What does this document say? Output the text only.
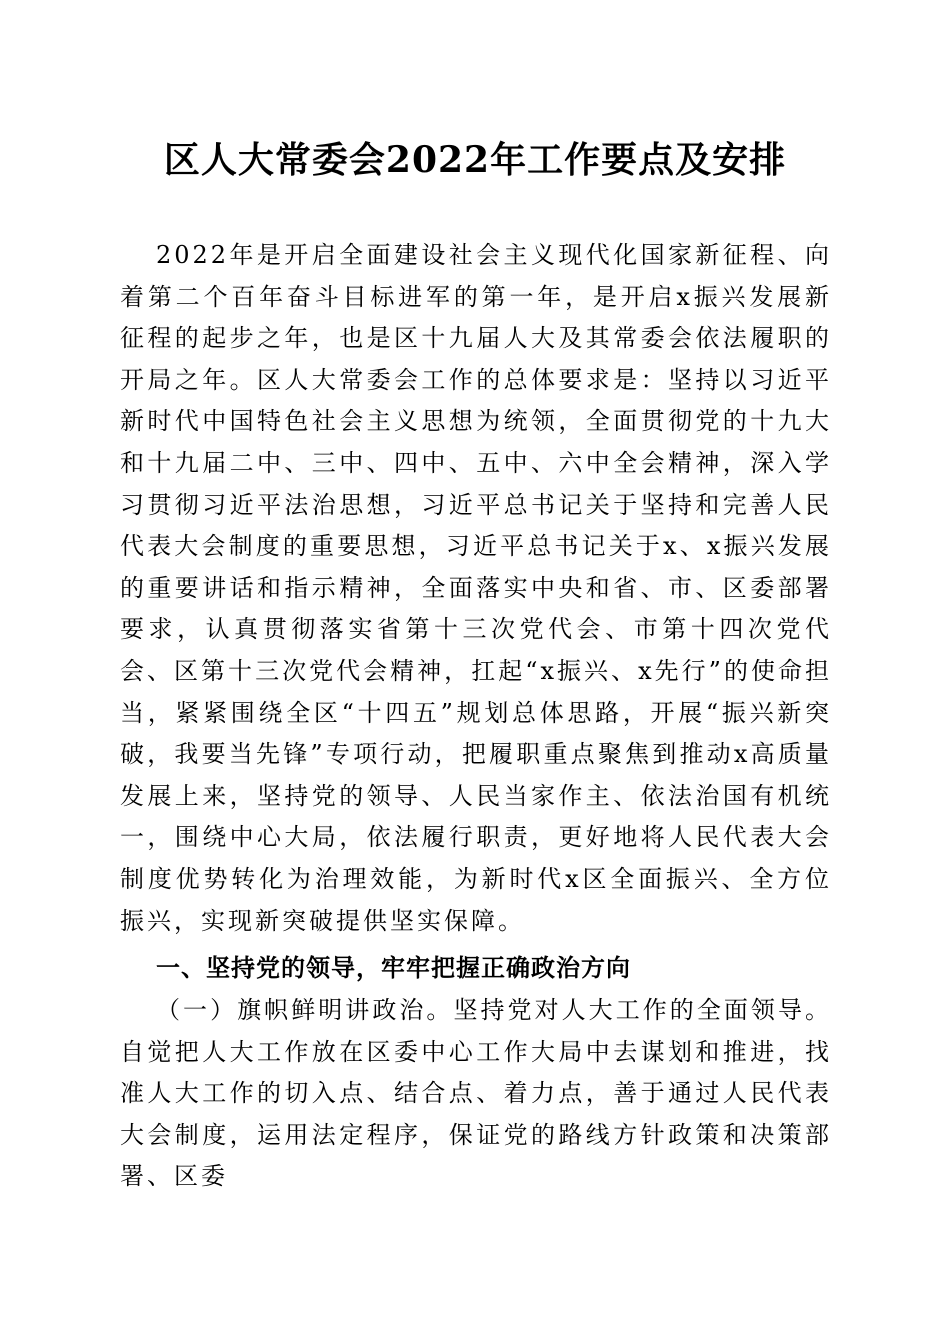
区人大常委会2022年工作要点及安排

2022年是开启全面建设社会主义现代化国家新征程、向着第二个百年奋斗目标进军的第一年，是开启x振兴发展新征程的起步之年，也是区十九届人大及其常委会依法履职的开局之年。区人大常委会工作的总体要求是：坚持以习近平新时代中国特色社会主义思想为统领，全面贯彻党的十九大和十九届二中、三中、四中、五中、六中全会精神，深入学习贯彻习近平法治思想，习近平总书记关于坚持和完善人民代表大会制度的重要思想，习近平总书记关于x、x振兴发展的重要讲话和指示精神，全面落实中央和省、市、区委部署要求，认真贯彻落实省第十三次党代会、市第十四次党代会、区第十三次党代会精神，扛起“x振兴、x先行”的使命担当，紧紧围绕全区“十四五”规划总体思路，开展“振兴新突破，我要当先锋”专项行动，把履职重点聚焦到推动x高质量发展上来，坚持党的领导、人民当家作主、依法治国有机统一，围绕中心大局，依法履行职责，更好地将人民代表大会制度优势转化为治理效能，为新时代x区全面振兴、全方位振兴，实现新突破提供坚实保障。

一、坚持党的领导，牢牢把握正确政治方向

（一）旗帜鲜明讲政治。坚持党对人大工作的全面领导。自觉把人大工作放在区委中心工作大局中去谋划和推进，找准人大工作的切入点、结合点、着力点，善于通过人民代表大会制度，运用法定程序，保证党的路线方针政策和决策部署、区委
